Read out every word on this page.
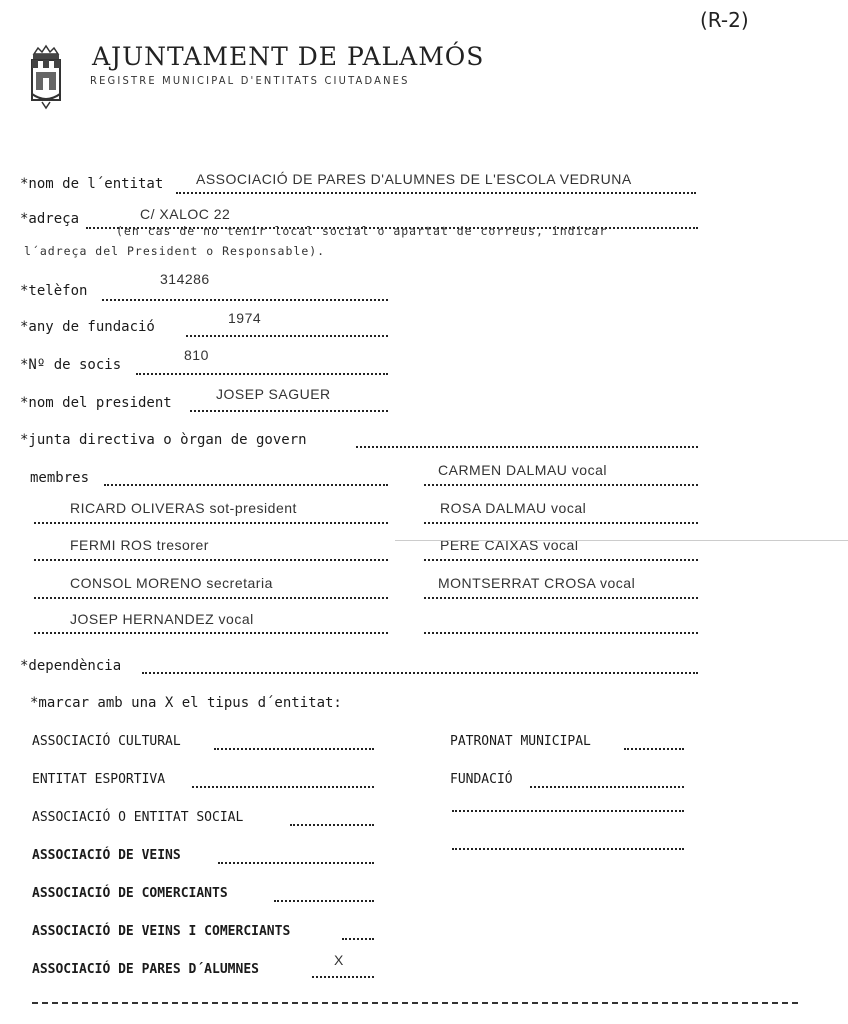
(R-2)
AJUNTAMENT DE PALAMÓS
REGISTRE MUNICIPAL D'ENTITATS CIUTADANES
*nom de l´entitat ASSOCIACIÓ DE PARES D'ALUMNES DE L'ESCOLA VEDRUNA
*adreça	C/ XALOC 22
(en cas de no tenir local social o apartat de correus, indicar
l´adreça del President o Responsable).
*telèfon
314286
*any de fundació
1974
*Nº de socis
810
*nom del president
JOSEP SAGUER
*junta directiva o òrgan de govern
membres	CARMEN DALMAU vocal
ROSA DALMAU vocal
PERE CAIXAS vocal
MONTSERRAT CROSA vocal
RICARD OLIVERAS sot-president
FERMI ROS tresorer
CONSOL MORENO secretaria
JOSEP HERNANDEZ vocal
*dependència
*marcar amb una X el tipus d´entitat:
ASSOCIACIÓ CULTURAL
ENTITAT ESPORTIVA
ASSOCIACIÓ O ENTITAT SOCIAL
ASSOCIACIÓ DE VEINS
ASSOCIACIÓ DE COMERCIANTS
ASSOCIACIÓ DE VEINS I COMERCIANTS
ASSOCIACIÓ DE PARES D´ALUMNES
X
PATRONAT MUNICIPAL
FUNDACIÓ
